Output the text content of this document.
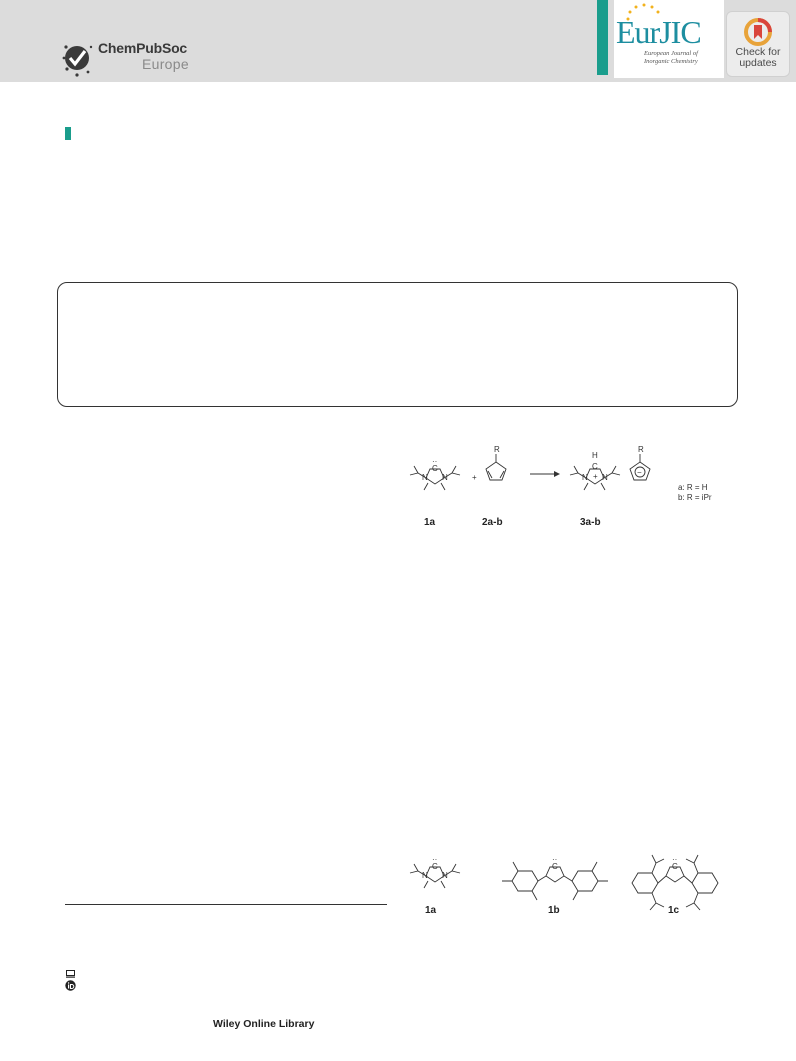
ChemPubSoc
Europe
EurJIC
European Journal of Inorganic Chemistry
Check for updates
N N
C
··
1a
+
R
2a-b
H
C
N N
+
3a-b
R
−
a: R = H
b: R = iPr
N N
C
··
1a
C
··
1b
C
··
1c
Wiley Online Library
